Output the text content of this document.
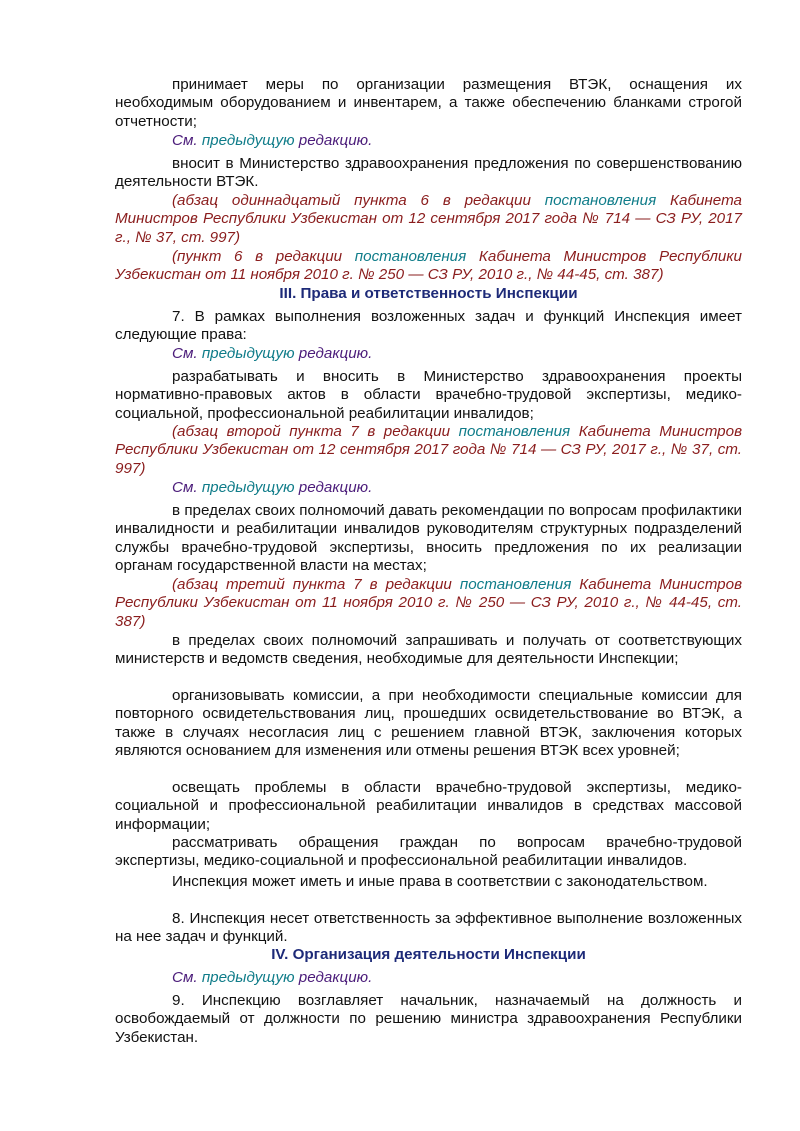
принимает меры по организации размещения ВТЭК, оснащения их необходимым оборудованием и инвентарем, а также обеспечению бланками строгой отчетности;

См. предыдущую редакцию.

вносит в Министерство здравоохранения предложения по совершенствованию деятельности ВТЭК.

(абзац одиннадцатый пункта 6 в редакции постановления Кабинета Министров Республики Узбекистан от 12 сентября 2017 года № 714 — СЗ РУ, 2017 г., № 37, ст. 997)

(пункт 6 в редакции постановления Кабинета Министров Республики Узбекистан от 11 ноября 2010 г. № 250 — СЗ РУ, 2010 г., № 44-45, ст. 387)

III. Права и ответственность Инспекции

7. В рамках выполнения возложенных задач и функций Инспекция имеет следующие права:

См. предыдущую редакцию.

разрабатывать и вносить в Министерство здравоохранения проекты нормативно-правовых актов в области врачебно-трудовой экспертизы, медико-социальной, профессиональной реабилитации инвалидов;

(абзац второй пункта 7 в редакции постановления Кабинета Министров Республики Узбекистан от 12 сентября 2017 года № 714 — СЗ РУ, 2017 г., № 37, ст. 997)

См. предыдущую редакцию.

в пределах своих полномочий давать рекомендации по вопросам профилактики инвалидности и реабилитации инвалидов руководителям структурных подразделений службы врачебно-трудовой экспертизы, вносить предложения по их реализации органам государственной власти на местах;

(абзац третий пункта 7 в редакции постановления Кабинета Министров Республики Узбекистан от 11 ноября 2010 г. № 250 — СЗ РУ, 2010 г., № 44-45, ст. 387)

в пределах своих полномочий запрашивать и получать от соответствующих министерств и ведомств сведения, необходимые для деятельности Инспекции;

организовывать комиссии, а при необходимости специальные комиссии для повторного освидетельствования лиц, прошедших освидетельствование во ВТЭК, а также в случаях несогласия лиц с решением главной ВТЭК, заключения которых являются основанием для изменения или отмены решения ВТЭК всех уровней;

освещать проблемы в области врачебно-трудовой экспертизы, медико-социальной и профессиональной реабилитации инвалидов в средствах массовой информации;

рассматривать обращения граждан по вопросам врачебно-трудовой экспертизы, медико-социальной и профессиональной реабилитации инвалидов.

Инспекция может иметь и иные права в соответствии с законодательством.

8. Инспекция несет ответственность за эффективное выполнение возложенных на нее задач и функций.

IV. Организация деятельности Инспекции

См. предыдущую редакцию.

9. Инспекцию возглавляет начальник, назначаемый на должность и освобождаемый от должности по решению министра здравоохранения Республики Узбекистан.
